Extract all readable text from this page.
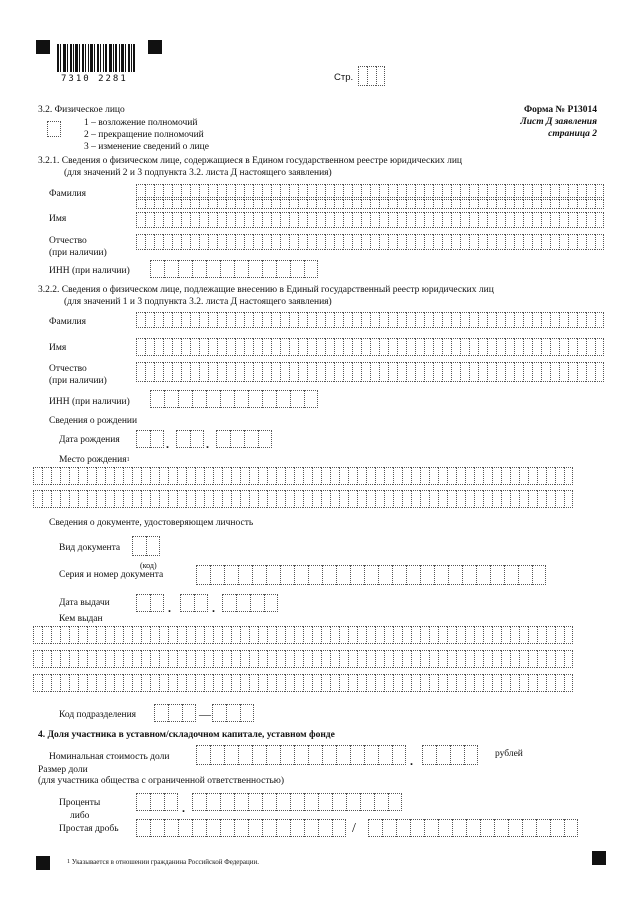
7310 2281	Стр.
Форма № Р13014
Лист Д заявления
страница 2
3.2. Физическое лицо
1 – возложение полномочий
2 – прекращение полномочий
3 – изменение сведений о лице
3.2.1. Сведения о физическом лице, содержащиеся в Едином государственном реестре юридических лиц
(для значений 2 и 3 подпункта 3.2. листа Д настоящего заявления)
Фамилия
Имя
Отчество
(при наличии)
ИНН (при наличии)
3.2.2. Сведения о физическом лице, подлежащие внесению в Единый государственный реестр юридических лиц
(для значений 1 и 3 подпункта 3.2. листа Д настоящего заявления)
Фамилия
Имя
Отчество
(при наличии)
ИНН (при наличии)
Сведения о рождении
Дата рождения	.	.
Место рождения$^1$
Сведения о документе, удостоверяющем личность
Вид документа
(код)
Серия и номер документа
Дата выдачи	.	.
Кем выдан
Код подразделения	—
4. Доля участника в уставном/складочном капитале, уставном фонде
Номинальная стоимость доли	.	рублей
Размер доли
(для участника общества с ограниченной ответственностью)
Проценты	.
либо
Простая дробь	/
1 Указывается в отношении гражданина Российской Федерации.
